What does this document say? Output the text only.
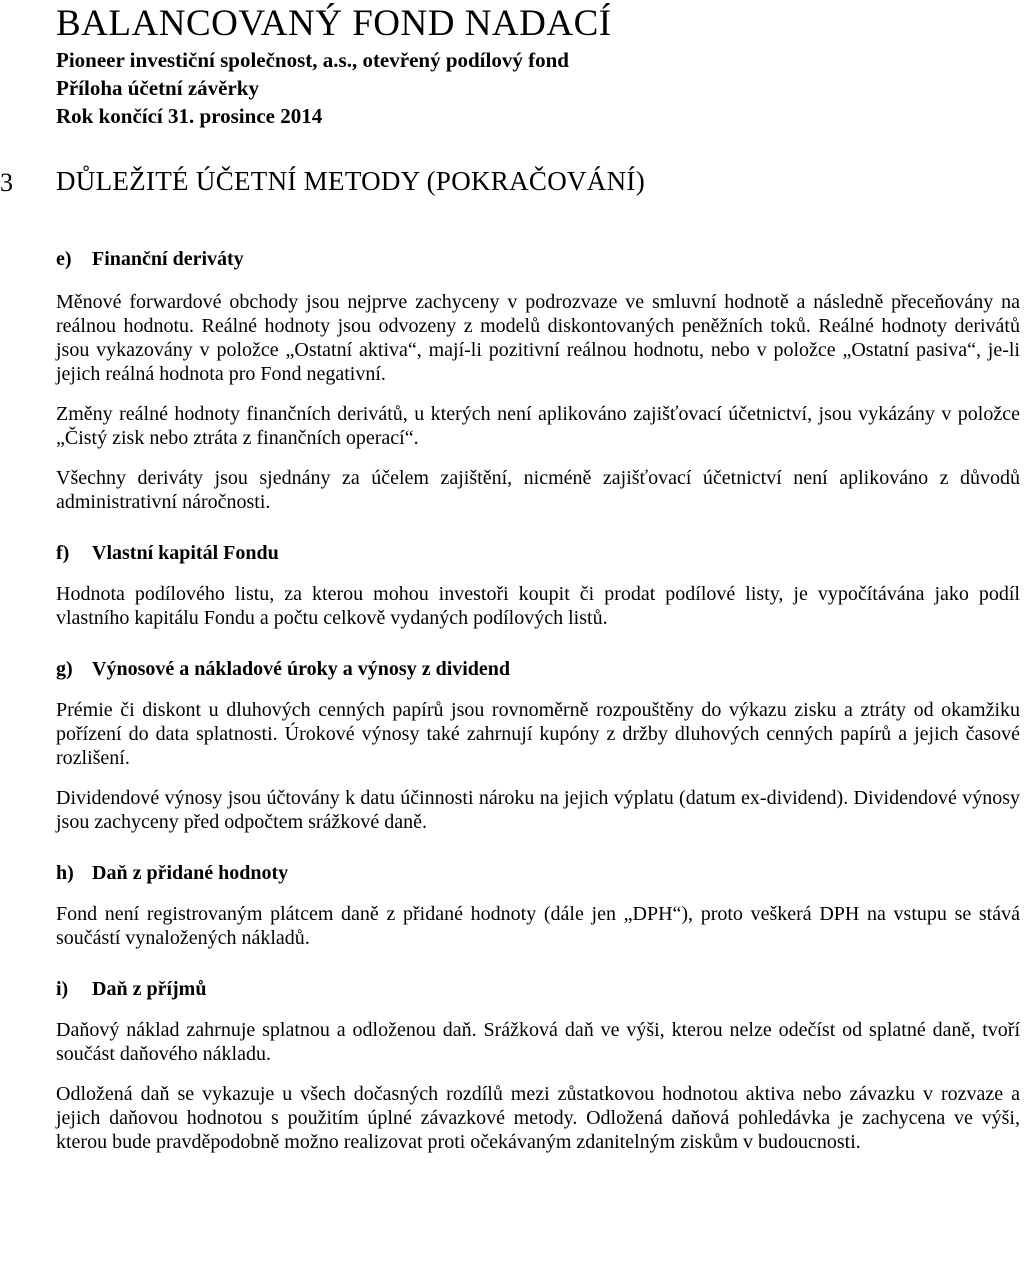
BALANCOVANÝ FOND NADACÍ

Pioneer investiční společnost, a.s., otevřený podílový fond

Příloha účetní závěrky

Rok končící 31. prosince 2014

3 DŮLEŽITÉ ÚČETNÍ METODY (POKRAČOVÁNÍ)
e)	Finanční deriváty

Měnové forwardové obchody jsou nejprve zachyceny v podrozvaze ve smluvní hodnotě a následně přeceňovány na reálnou hodnotu. Reálné hodnoty jsou odvozeny z modelů diskontovaných peněžních toků. Reálné hodnoty derivátů jsou vykazovány v položce „Ostatní aktiva“, mají-li pozitivní reálnou hodnotu, nebo v položce „Ostatní pasiva“, je-li jejich reálná hodnota pro Fond negativní.

Změny reálné hodnoty finančních derivátů, u kterých není aplikováno zajišťovací účetnictví, jsou vykázány v položce „Čistý zisk nebo ztráta z finančních operací“.

Všechny deriváty jsou sjednány za účelem zajištění, nicméně zajišťovací účetnictví není aplikováno z důvodů administrativní náročnosti.

f)	Vlastní kapitál Fondu

Hodnota podílového listu, za kterou mohou investoři koupit či prodat podílové listy, je vypočítávána jako podíl vlastního kapitálu Fondu a počtu celkově vydaných podílových listů.

g) Výnosové a nákladové úroky a výnosy z dividend

Prémie či diskont u dluhových cenných papírů jsou rovnoměrně rozpouštěny do výkazu zisku a ztráty od okamžiku pořízení do data splatnosti. Úrokové výnosy také zahrnují kupóny z držby dluhových cenných papírů a jejich časové rozlišení.

Dividendové výnosy jsou účtovány k datu účinnosti nároku na jejich výplatu (datum ex-dividend). Dividendové výnosy jsou zachyceny před odpočtem srážkové daně.

h) Daň z přidané hodnoty

Fond není registrovaným plátcem daně z přidané hodnoty (dále jen „DPH“), proto veškerá DPH na vstupu se stává součástí vynaložených nákladů.

i)	Daň z příjmů

Daňový náklad zahrnuje splatnou a odloženou daň. Srážková daň ve výši, kterou nelze odečíst od splatné daně, tvoří součást daňového nákladu.

Odložená daň se vykazuje u všech dočasných rozdílů mezi zůstatkovou hodnotou aktiva nebo závazku v rozvaze a jejich daňovou hodnotou s použitím úplné závazkové metody. Odložená daňová pohledávka je zachycena ve výši, kterou bude pravděpodobně možno realizovat proti očekávaným zdanitelným ziskům v budoucnosti.
